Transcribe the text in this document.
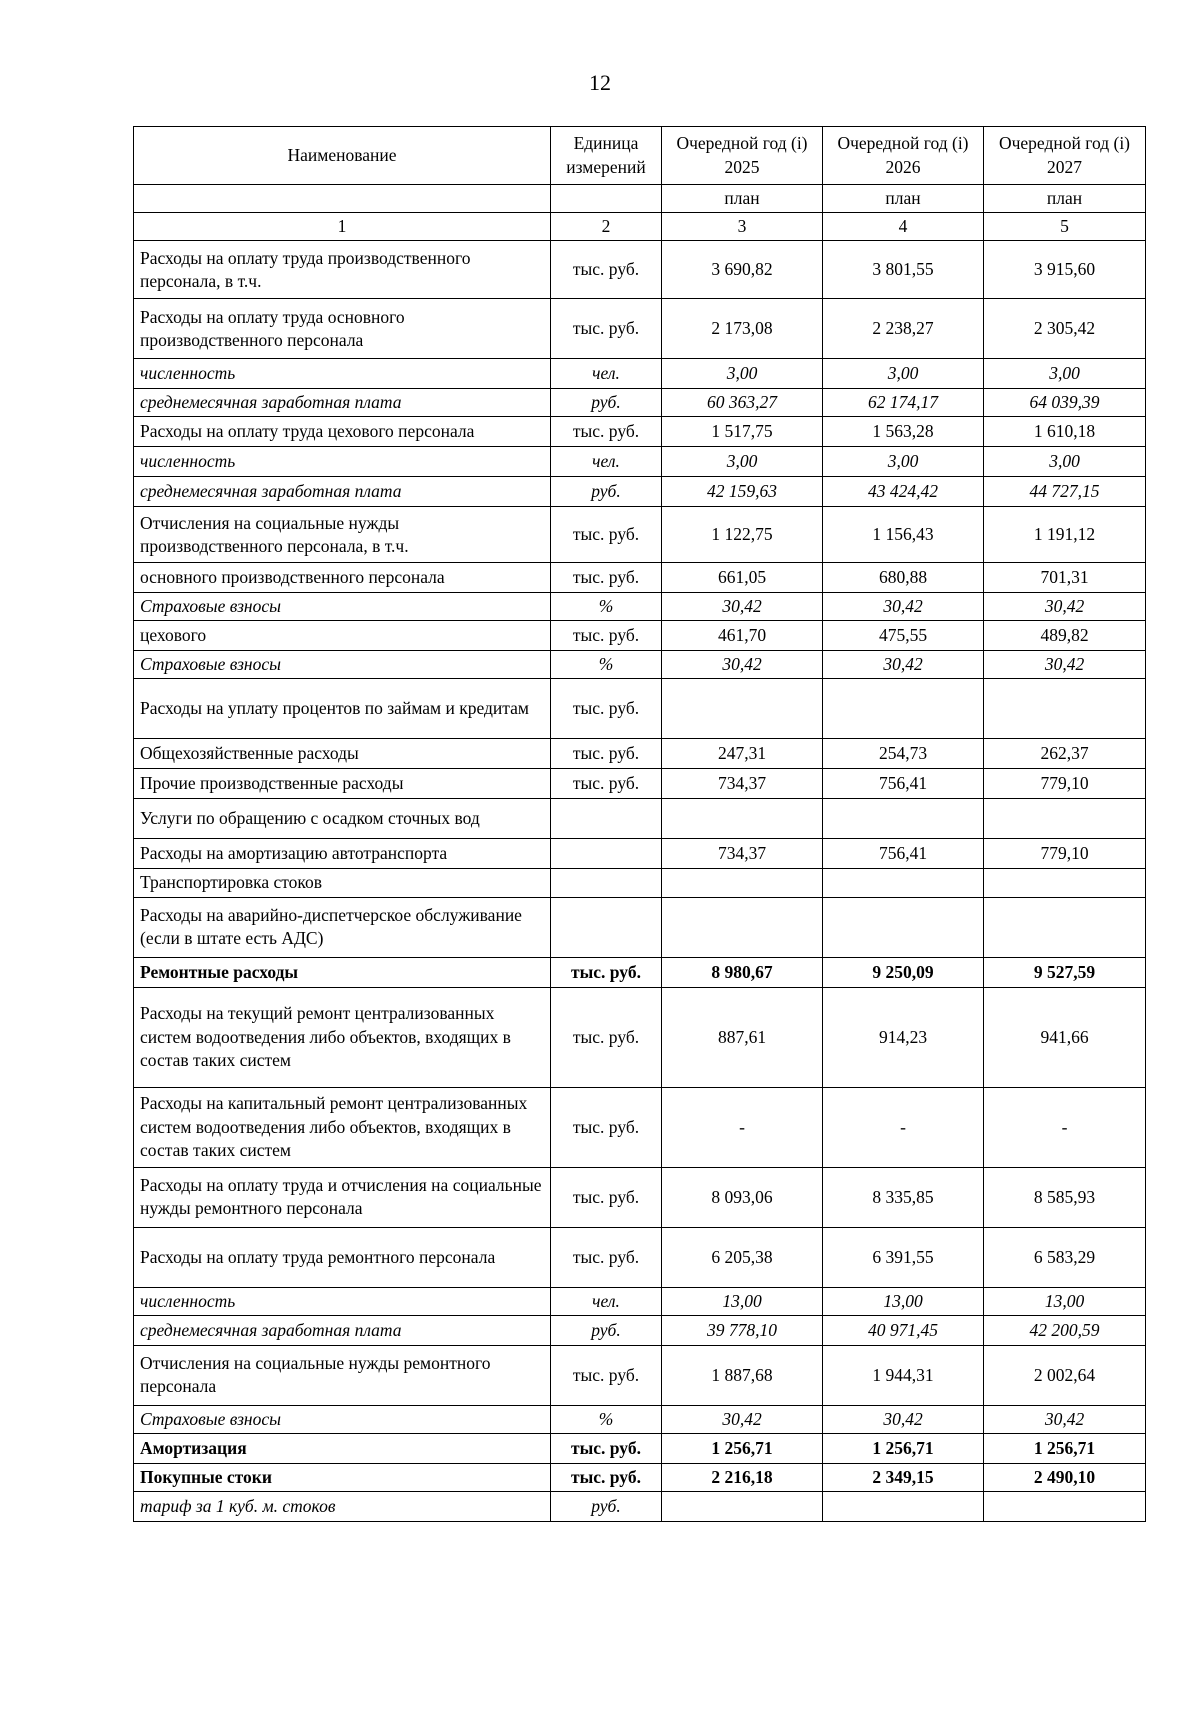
12
Наименование	Единица измерений	Очередной год (i) 2025	Очередной год (i) 2026	Очередной год (i) 2027
		план	план	план
1	2	3	4	5
Расходы на оплату труда производственного персонала, в т.ч.	тыс. руб.	3 690,82	3 801,55	3 915,60
Расходы на оплату труда основного производственного персонала	тыс. руб.	2 173,08	2 238,27	2 305,42
численность	чел.	3,00	3,00	3,00
среднемесячная заработная плата	руб.	60 363,27	62 174,17	64 039,39
Расходы на оплату труда цехового персонала	тыс. руб.	1 517,75	1 563,28	1 610,18
численность	чел.	3,00	3,00	3,00
среднемесячная заработная плата	руб.	42 159,63	43 424,42	44 727,15
Отчисления на социальные нужды производственного персонала, в т.ч.	тыс. руб.	1 122,75	1 156,43	1 191,12
основного производственного персонала	тыс. руб.	661,05	680,88	701,31
Страховые взносы	%	30,42	30,42	30,42
цехового	тыс. руб.	461,70	475,55	489,82
Страховые взносы	%	30,42	30,42	30,42
Расходы на уплату процентов по займам и кредитам	тыс. руб.			
Общехозяйственные расходы	тыс. руб.	247,31	254,73	262,37
Прочие производственные расходы	тыс. руб.	734,37	756,41	779,10
Услуги по обращению с осадком сточных вод				
Расходы на амортизацию автотранспорта		734,37	756,41	779,10
Транспортировка стоков				
Расходы на аварийно-диспетчерское обслуживание (если в штате есть АДС)				
Ремонтные расходы	тыс. руб.	8 980,67	9 250,09	9 527,59
Расходы на текущий ремонт централизованных систем водоотведения либо объектов, входящих в состав таких систем	тыс. руб.	887,61	914,23	941,66
Расходы на капитальный ремонт централизованных систем водоотведения либо объектов, входящих в состав таких систем	тыс. руб.	-	-	-
Расходы на оплату труда и отчисления на социальные нужды ремонтного персонала	тыс. руб.	8 093,06	8 335,85	8 585,93
Расходы на оплату труда ремонтного персонала	тыс. руб.	6 205,38	6 391,55	6 583,29
численность	чел.	13,00	13,00	13,00
среднемесячная заработная плата	руб.	39 778,10	40 971,45	42 200,59
Отчисления на социальные нужды ремонтного персонала	тыс. руб.	1 887,68	1 944,31	2 002,64
Страховые взносы	%	30,42	30,42	30,42
Амортизация	тыс. руб.	1 256,71	1 256,71	1 256,71
Покупные стоки	тыс. руб.	2 216,18	2 349,15	2 490,10
тариф за 1 куб. м. стоков	руб.			
